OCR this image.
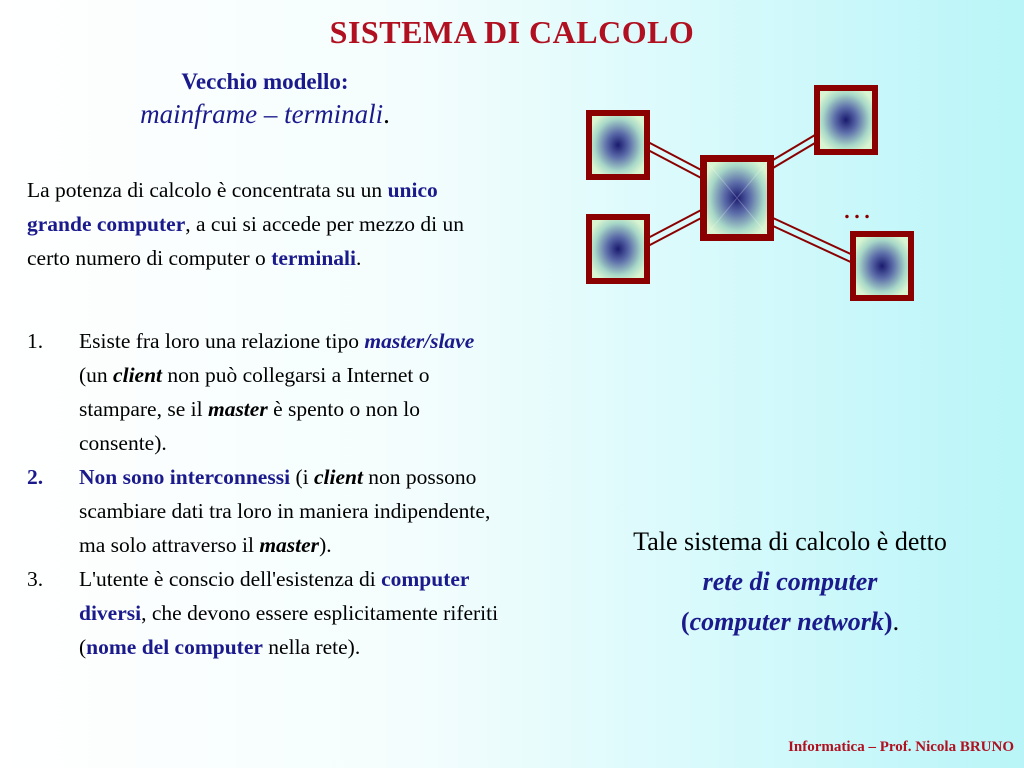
SISTEMA DI CALCOLO
Vecchio modello:
mainframe – terminali.
La potenza di calcolo è concentrata su un unico grande computer, a cui si accede per mezzo di un certo numero di computer o terminali.
1. Esiste fra loro una relazione tipo master/slave (un client non può collegarsi a Internet o stampare, se il master è spento o non lo consente).
2. Non sono interconnessi (i client non possono scambiare dati tra loro in maniera indipendente, ma solo attraverso il master).
3. L'utente è conscio dell'esistenza di computer diversi, che devono essere esplicitamente riferiti (nome del computer nella rete).
…
Tale sistema di calcolo è detto
rete di computer
(computer network).
Informatica – Prof. Nicola BRUNO
